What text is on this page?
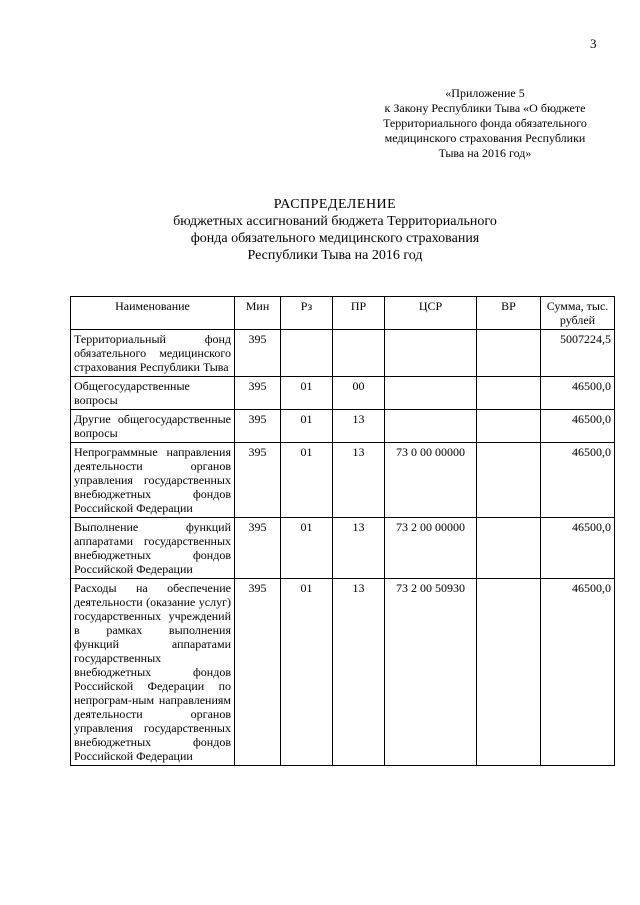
3
«Приложение 5
к Закону Республики Тыва «О бюджете
Территориального фонда обязательного
медицинского страхования Республики
Тыва на 2016 год»
РАСПРЕДЕЛЕНИЕ
бюджетных ассигнований бюджета Территориального
фонда обязательного медицинского страхования
Республики Тыва на 2016 год
Наименование	Мин	Рз	ПР	ЦСР	ВР	Сумма, тыс. рублей
Территориальный фонд обязательного медицинского страхования Республики Тыва	395					5007224,5
Общегосударственные вопросы	395	01	00			46500,0
Другие общегосударственные вопросы	395	01	13			46500,0
Непрограммные направления деятельности органов управления государственных внебюджетных фондов Российской Федерации	395	01	13	73 0 00 00000		46500,0
Выполнение функций аппаратами государственных внебюджетных фондов Российской Федерации	395	01	13	73 2 00 00000		46500,0
Расходы на обеспечение деятельности (оказание услуг) государственных учреждений в рамках выполнения функций аппаратами государственных внебюджетных фондов Российской Федерации по непрограм-ным направлениям деятельности органов управления государственных внебюджетных фондов Российской Федерации	395	01	13	73 2 00 50930		46500,0
